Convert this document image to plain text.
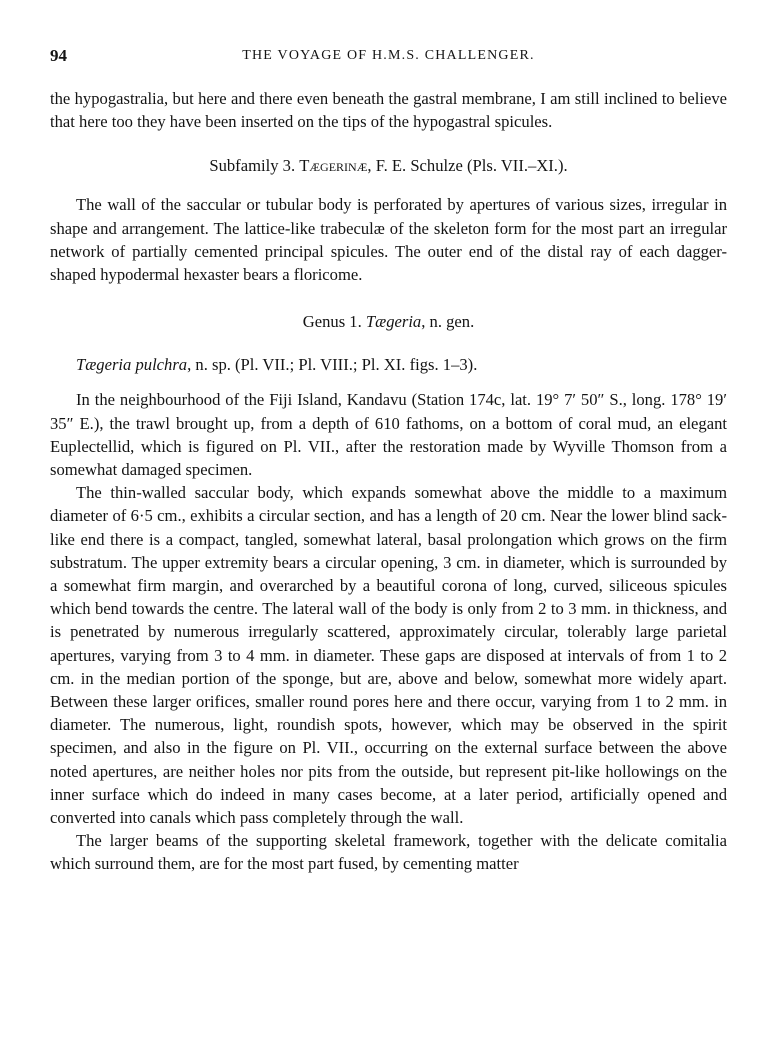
94	THE VOYAGE OF H.M.S. CHALLENGER.

the hypogastralia, but here and there even beneath the gastral membrane, I am still inclined to believe that here too they have been inserted on the tips of the hypogastral spicules.

Subfamily 3. Tægerinæ, F. E. Schulze (Pls. VII.–XI.).

The wall of the saccular or tubular body is perforated by apertures of various sizes, irregular in shape and arrangement. The lattice-like trabeculæ of the skeleton form for the most part an irregular network of partially cemented principal spicules. The outer end of the distal ray of each dagger-shaped hypodermal hexaster bears a floricome.

Genus 1. Tægeria, n. gen.

Tægeria pulchra, n. sp. (Pl. VII.; Pl. VIII.; Pl. XI. figs. 1–3).

In the neighbourhood of the Fiji Island, Kandavu (Station 174c, lat. 19° 7′ 50″ S., long. 178° 19′ 35″ E.), the trawl brought up, from a depth of 610 fathoms, on a bottom of coral mud, an elegant Euplectellid, which is figured on Pl. VII., after the restoration made by Wyville Thomson from a somewhat damaged specimen.

The thin-walled saccular body, which expands somewhat above the middle to a maximum diameter of 6·5 cm., exhibits a circular section, and has a length of 20 cm. Near the lower blind sack-like end there is a compact, tangled, somewhat lateral, basal prolongation which grows on the firm substratum. The upper extremity bears a circular opening, 3 cm. in diameter, which is surrounded by a somewhat firm margin, and overarched by a beautiful corona of long, curved, siliceous spicules which bend towards the centre. The lateral wall of the body is only from 2 to 3 mm. in thickness, and is penetrated by numerous irregularly scattered, approximately circular, tolerably large parietal apertures, varying from 3 to 4 mm. in diameter. These gaps are disposed at intervals of from 1 to 2 cm. in the median portion of the sponge, but are, above and below, somewhat more widely apart. Between these larger orifices, smaller round pores here and there occur, varying from 1 to 2 mm. in diameter. The numerous, light, roundish spots, however, which may be observed in the spirit specimen, and also in the figure on Pl. VII., occurring on the external surface between the above noted apertures, are neither holes nor pits from the outside, but represent pit-like hollowings on the inner surface which do indeed in many cases become, at a later period, artificially opened and converted into canals which pass completely through the wall.

The larger beams of the supporting skeletal framework, together with the delicate comitalia which surround them, are for the most part fused, by cementing matter
